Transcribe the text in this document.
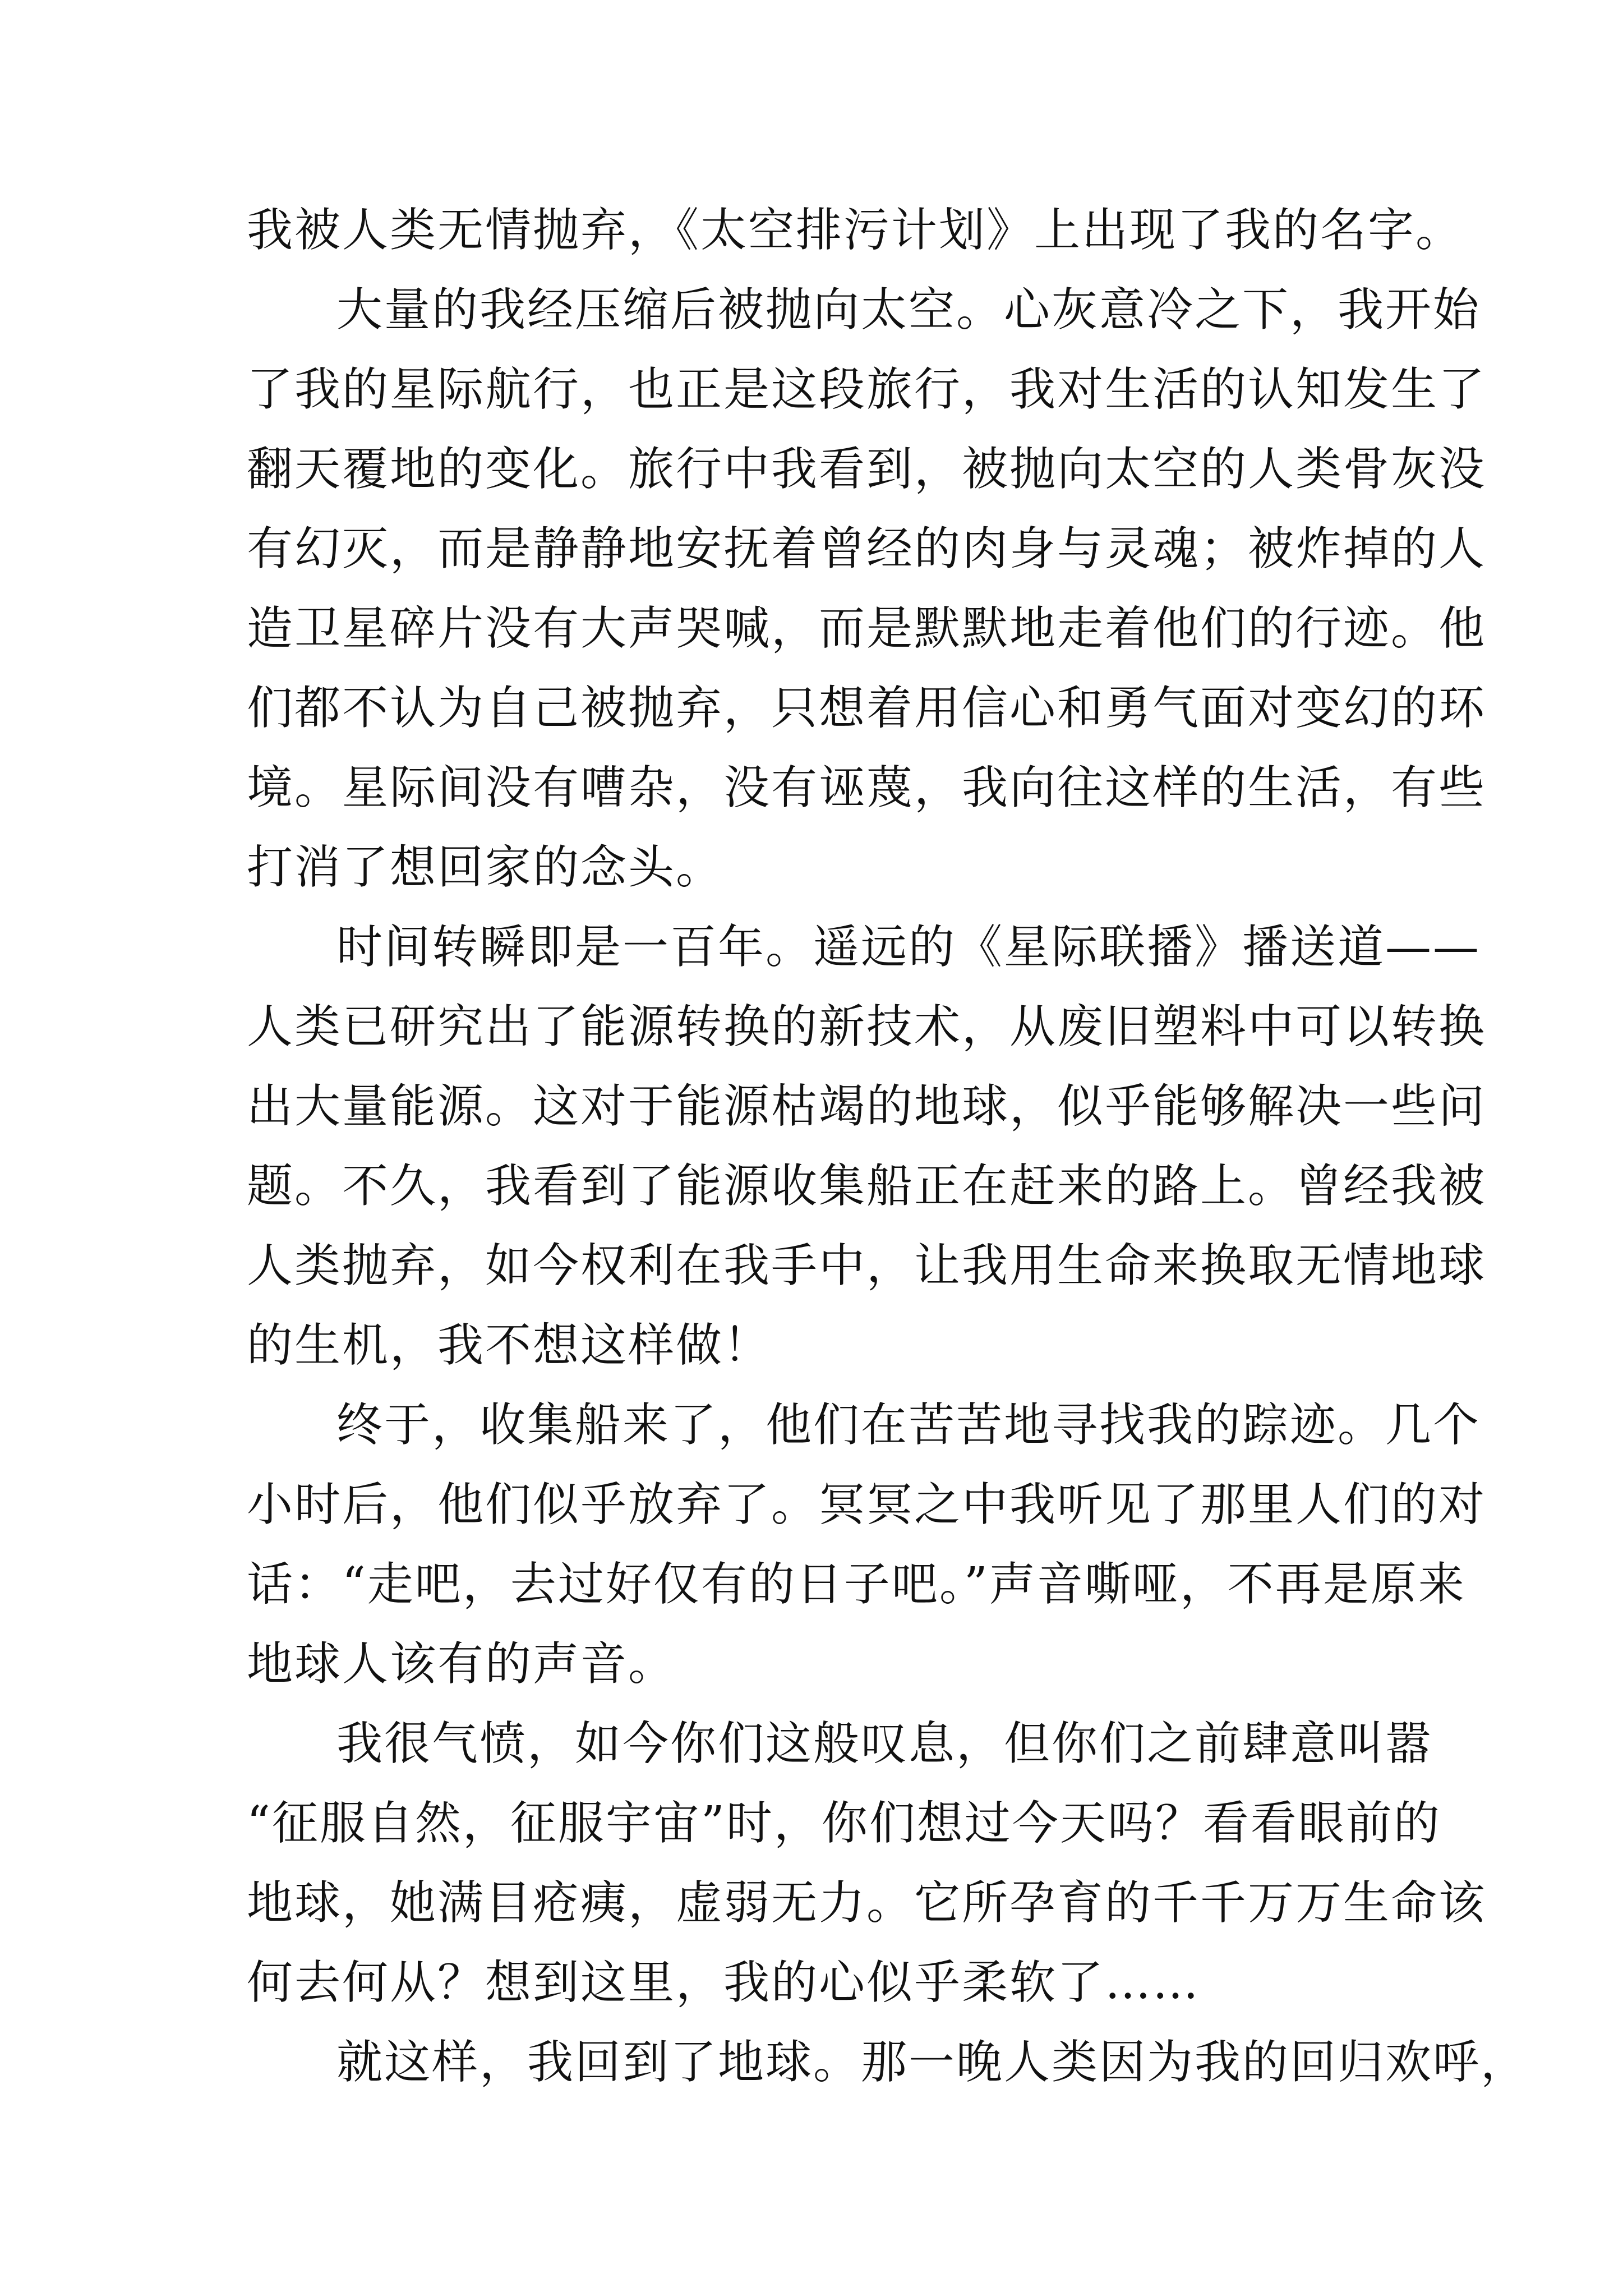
我被人类无情抛弃，《太空排污计划》上出现了我的名字。
大量的我经压缩后被抛向太空。心灰意冷之下，我开始
了我的星际航行，也正是这段旅行，我对生活的认知发生了
翻天覆地的变化。旅行中我看到，被抛向太空的人类骨灰没
有幻灭，而是静静地安抚着曾经的肉身与灵魂；被炸掉的人
造卫星碎片没有大声哭喊，而是默默地走着他们的行迹。他
们都不认为自己被抛弃，只想着用信心和勇气面对变幻的环
境。星际间没有嘈杂，没有诬蔑，我向往这样的生活，有些
打消了想回家的念头。
时间转瞬即是一百年。遥远的《星际联播》播送道——
人类已研究出了能源转换的新技术，从废旧塑料中可以转换
出大量能源。这对于能源枯竭的地球，似乎能够解决一些问
题。不久，我看到了能源收集船正在赶来的路上。曾经我被
人类抛弃，如今权利在我手中，让我用生命来换取无情地球
的生机，我不想这样做！
终于，收集船来了，他们在苦苦地寻找我的踪迹。几个
小时后，他们似乎放弃了。冥冥之中我听见了那里人们的对
话：“走吧，去过好仅有的日子吧。”声音嘶哑，不再是原来
地球人该有的声音。
我很气愤，如今你们这般叹息，但你们之前肆意叫嚣
“征服自然，征服宇宙”时，你们想过今天吗？看看眼前的
地球，她满目疮痍，虚弱无力。它所孕育的千千万万生命该
何去何从？想到这里，我的心似乎柔软了……
就这样，我回到了地球。那一晚人类因为我的回归欢呼，
